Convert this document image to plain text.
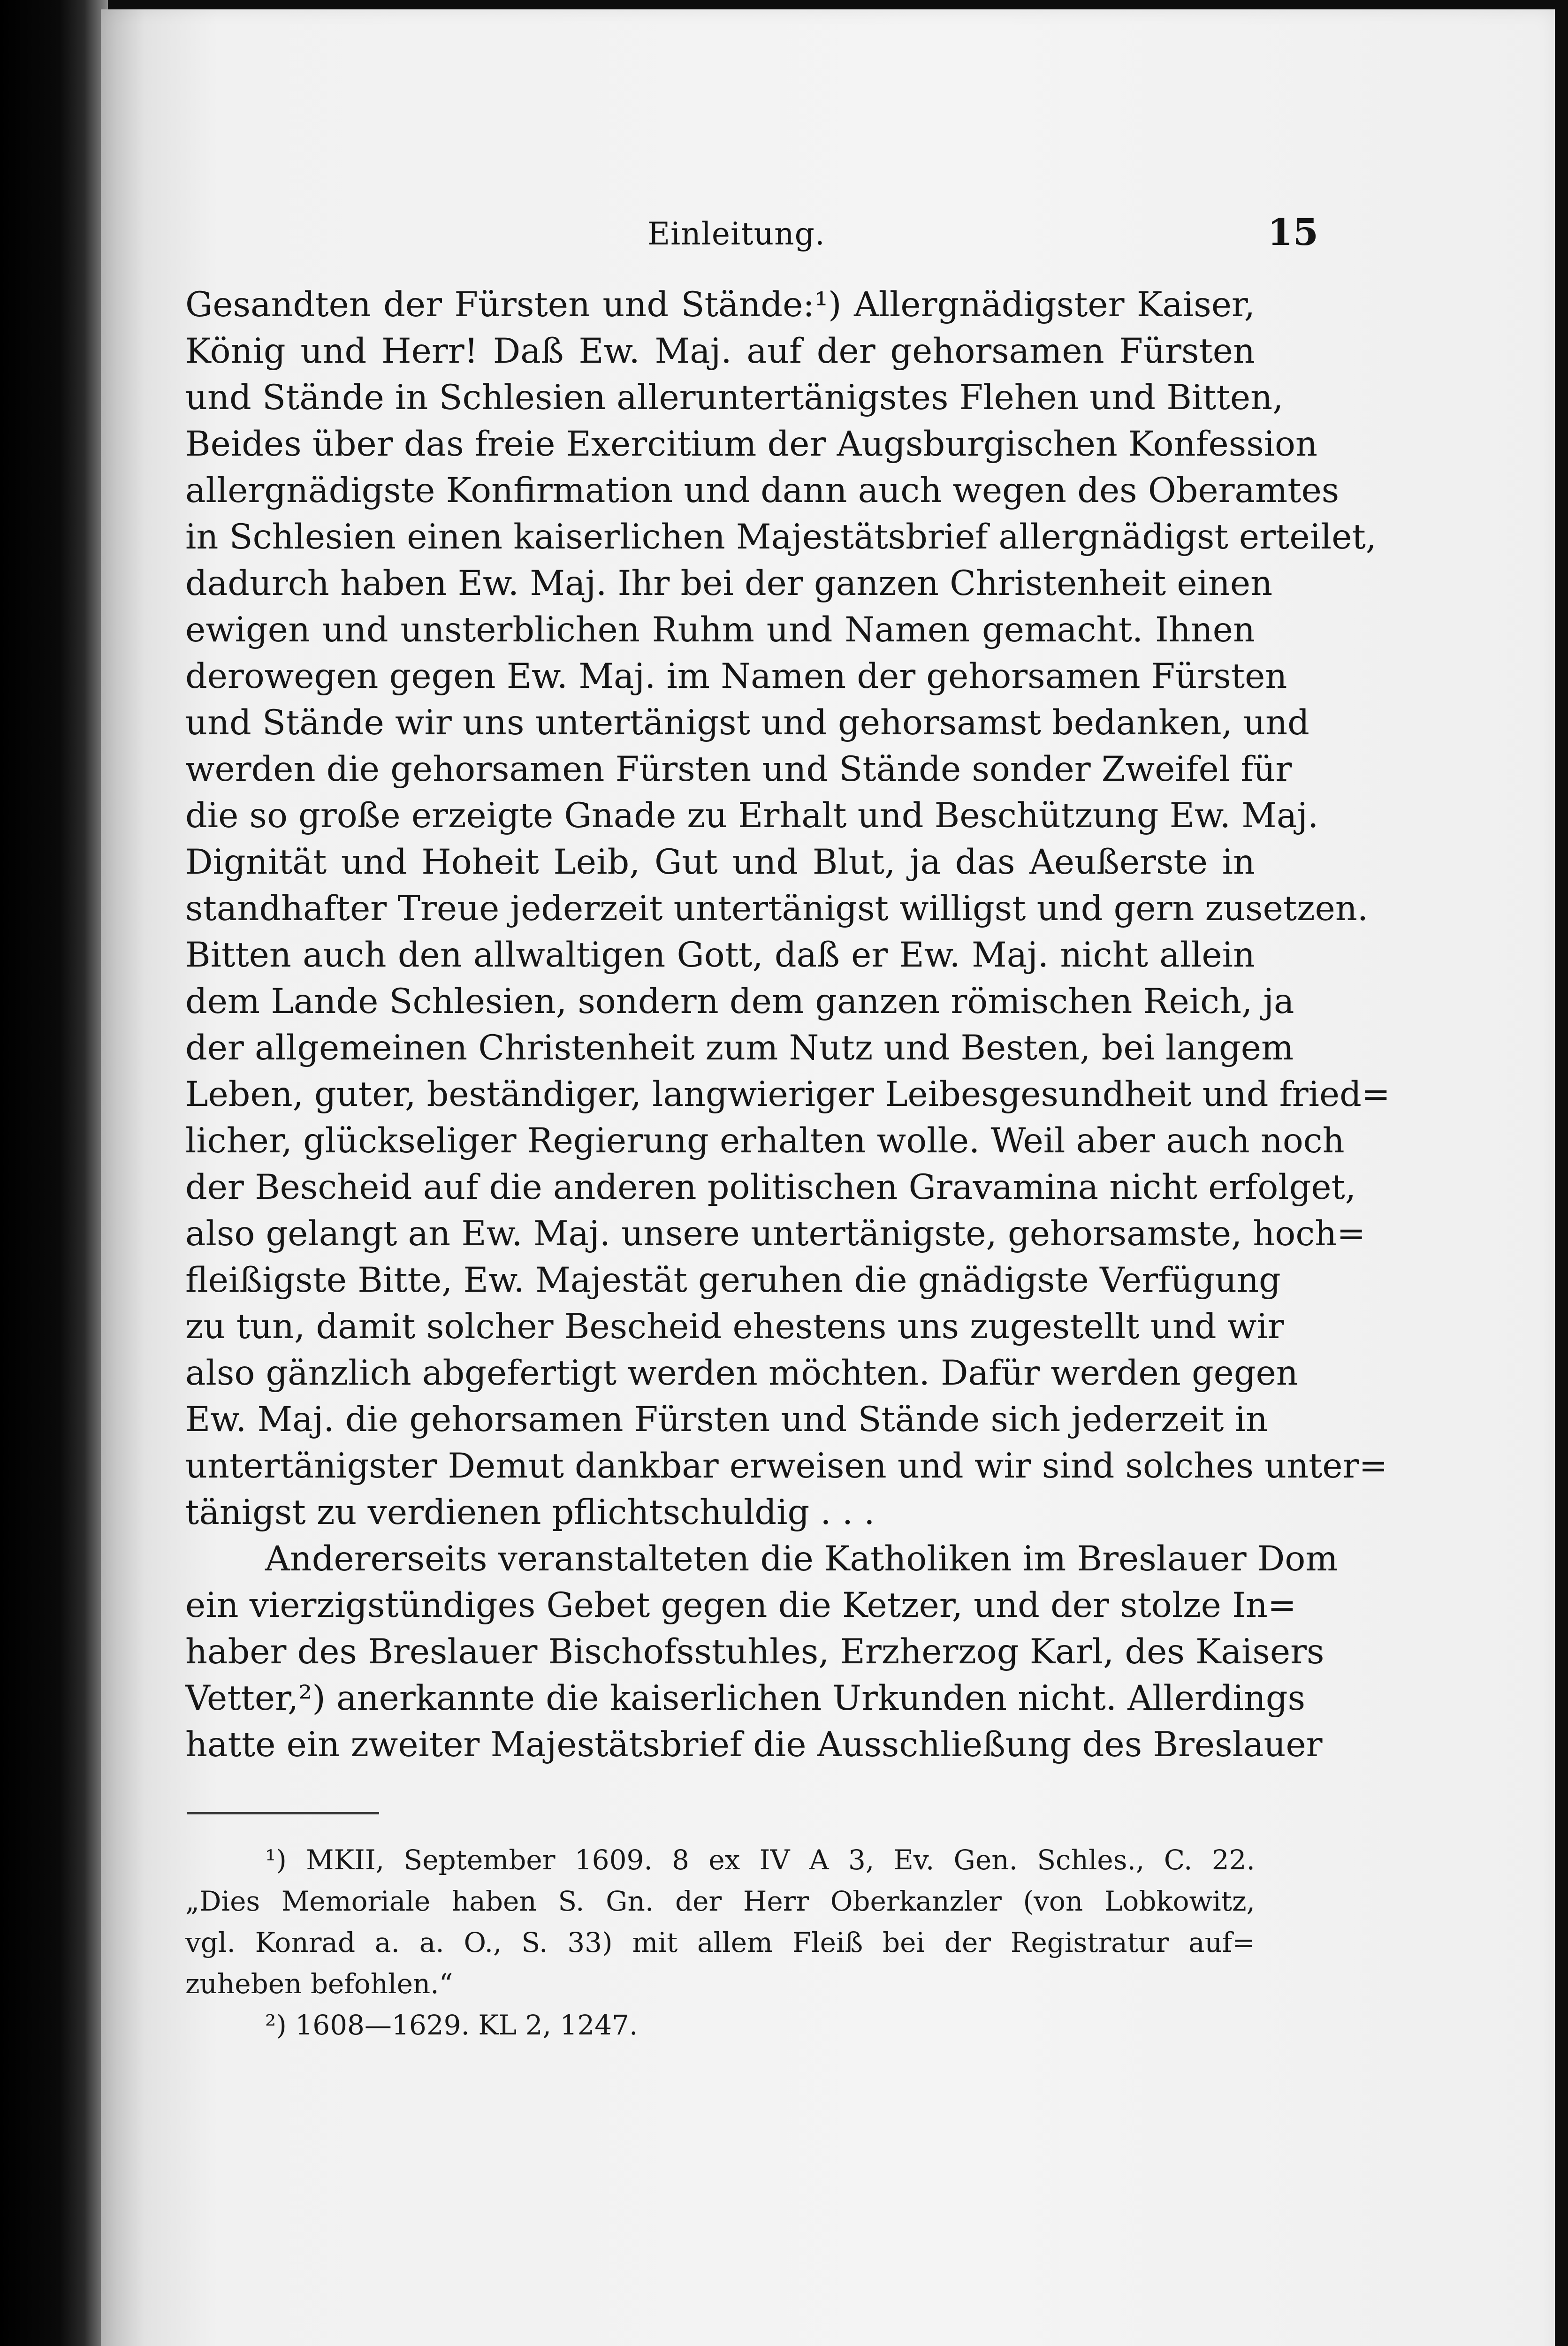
Einleitung.	15
Gesandten der Fürsten und Stände:¹) Allergnädigster Kaiser,
König und Herr! Daß Ew. Maj. auf der gehorsamen Fürsten
und Stände in Schlesien alleruntertänigstes Flehen und Bitten,
Beides über das freie Exercitium der Augsburgischen Konfession
allergnädigste Konfirmation und dann auch wegen des Oberamtes
in Schlesien einen kaiserlichen Majestätsbrief allergnädigst erteilet,
dadurch haben Ew. Maj. Ihr bei der ganzen Christenheit einen
ewigen und unsterblichen Ruhm und Namen gemacht. Ihnen
derowegen gegen Ew. Maj. im Namen der gehorsamen Fürsten
und Stände wir uns untertänigst und gehorsamst bedanken, und
werden die gehorsamen Fürsten und Stände sonder Zweifel für
die so große erzeigte Gnade zu Erhalt und Beschützung Ew. Maj.
Dignität und Hoheit Leib, Gut und Blut, ja das Aeußerste in
standhafter Treue jederzeit untertänigst willigst und gern zusetzen.
Bitten auch den allwaltigen Gott, daß er Ew. Maj. nicht allein
dem Lande Schlesien, sondern dem ganzen römischen Reich, ja
der allgemeinen Christenheit zum Nutz und Besten, bei langem
Leben, guter, beständiger, langwieriger Leibesgesundheit und fried=
licher, glückseliger Regierung erhalten wolle. Weil aber auch noch
der Bescheid auf die anderen politischen Gravamina nicht erfolget,
also gelangt an Ew. Maj. unsere untertänigste, gehorsamste, hoch=
fleißigste Bitte, Ew. Majestät geruhen die gnädigste Verfügung
zu tun, damit solcher Bescheid ehestens uns zugestellt und wir
also gänzlich abgefertigt werden möchten. Dafür werden gegen
Ew. Maj. die gehorsamen Fürsten und Stände sich jederzeit in
untertänigster Demut dankbar erweisen und wir sind solches unter=
tänigst zu verdienen pflichtschuldig . . .
Andererseits veranstalteten die Katholiken im Breslauer Dom
ein vierzigstündiges Gebet gegen die Ketzer, und der stolze In=
haber des Breslauer Bischofsstuhles, Erzherzog Karl, des Kaisers
Vetter,²) anerkannte die kaiserlichen Urkunden nicht. Allerdings
hatte ein zweiter Majestätsbrief die Ausschließung des Breslauer
¹) MKII, September 1609. 8 ex IV A 3, Ev. Gen. Schles., C. 22.
„Dies Memoriale haben S. Gn. der Herr Oberkanzler (von Lobkowitz,
vgl. Konrad a. a. O., S. 33) mit allem Fleiß bei der Registratur auf=
zuheben befohlen.“
²) 1608—1629. KL 2, 1247.
